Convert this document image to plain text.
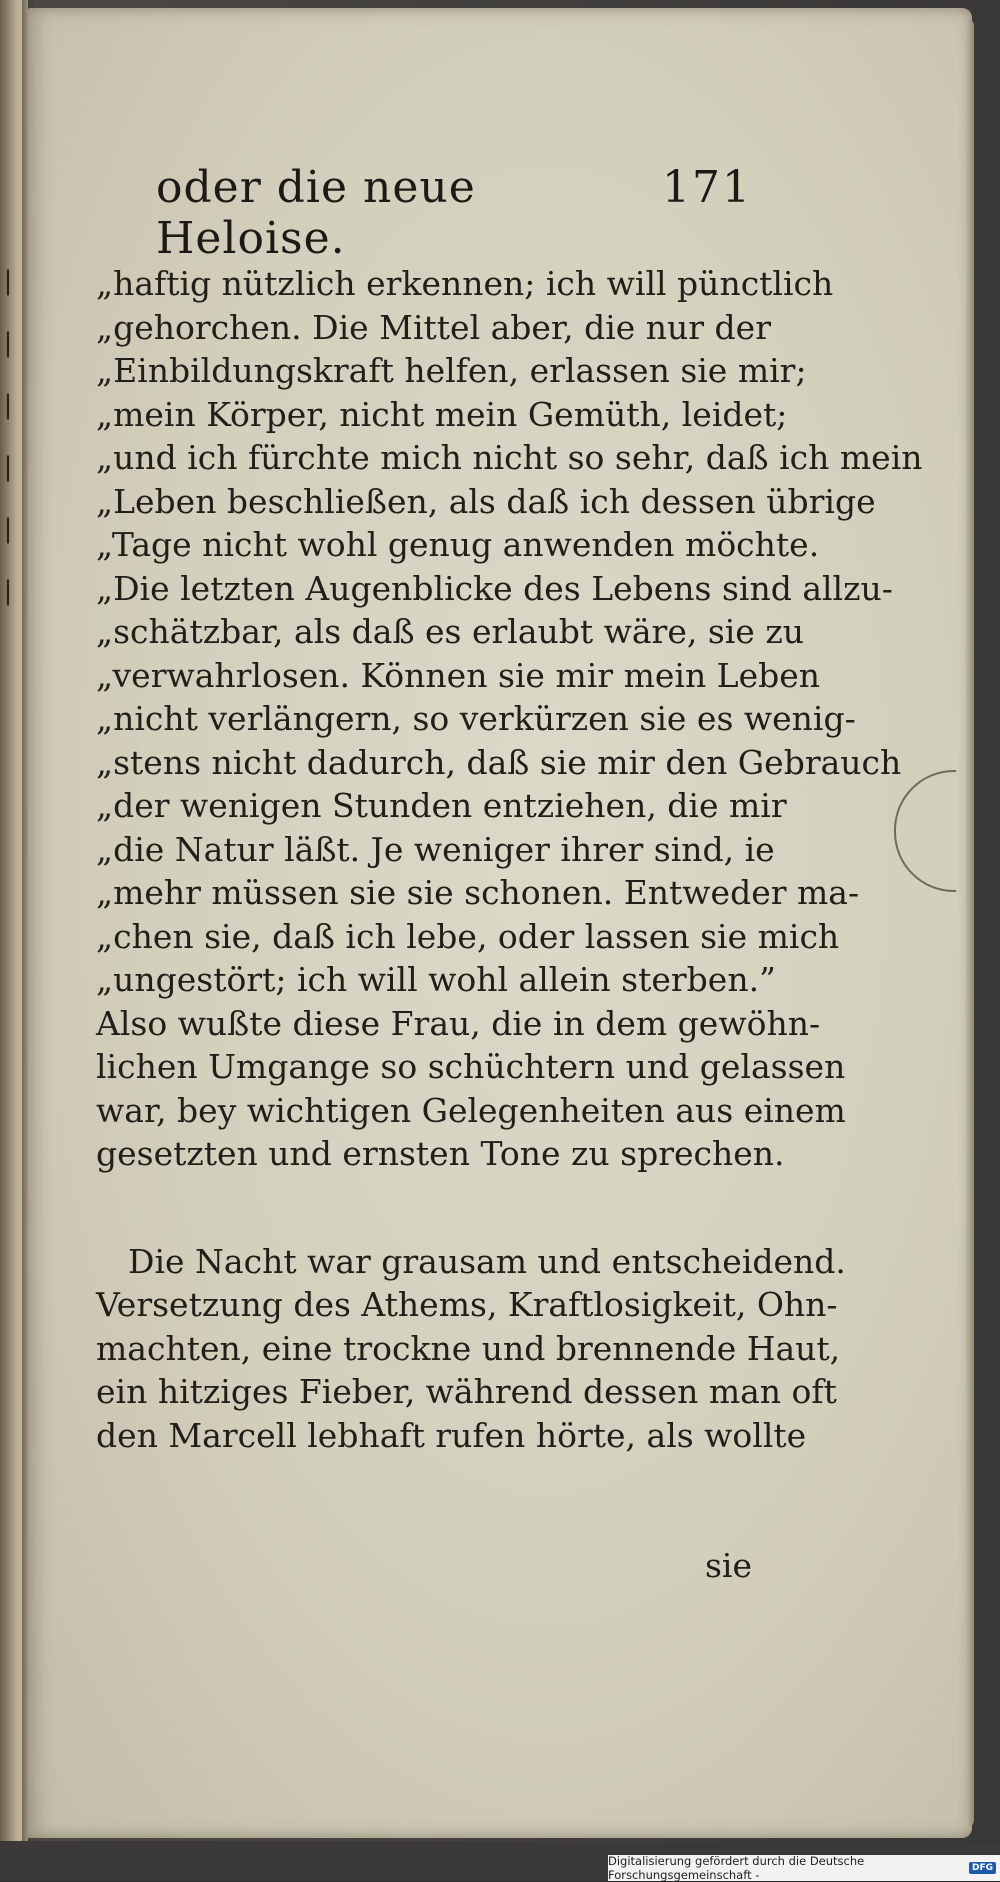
|
|
|
|
|
|
oder die neue Heloise.
171
„haftig nützlich erkennen; ich will pünctlich
„gehorchen. Die Mittel aber, die nur der
„Einbildungskraft helfen, erlassen sie mir;
„mein Körper, nicht mein Gemüth, leidet;
„und ich fürchte mich nicht so sehr, daß ich mein
„Leben beschließen, als daß ich dessen übrige
„Tage nicht wohl genug anwenden möchte.
„Die letzten Augenblicke des Lebens sind allzu-
„schätzbar, als daß es erlaubt wäre, sie zu
„verwahrlosen. Können sie mir mein Leben
„nicht verlängern, so verkürzen sie es wenig-
„stens nicht dadurch, daß sie mir den Gebrauch
„der wenigen Stunden entziehen, die mir
„die Natur läßt. Je weniger ihrer sind, ie
„mehr müssen sie sie schonen. Entweder ma-
„chen sie, daß ich lebe, oder lassen sie mich
„ungestört; ich will wohl allein sterben.”
Also wußte diese Frau, die in dem gewöhn-
lichen Umgange so schüchtern und gelassen
war, bey wichtigen Gelegenheiten aus einem
gesetzten und ernsten Tone zu sprechen.
Die Nacht war grausam und entscheidend.
Versetzung des Athems, Kraftlosigkeit, Ohn-
machten, eine trockne und brennende Haut,
ein hitziges Fieber, während dessen man oft
den Marcell lebhaft rufen hörte, als wollte
sie
Digitalisierung gefördert durch die Deutsche Forschungsgemeinschaft -	DFG
